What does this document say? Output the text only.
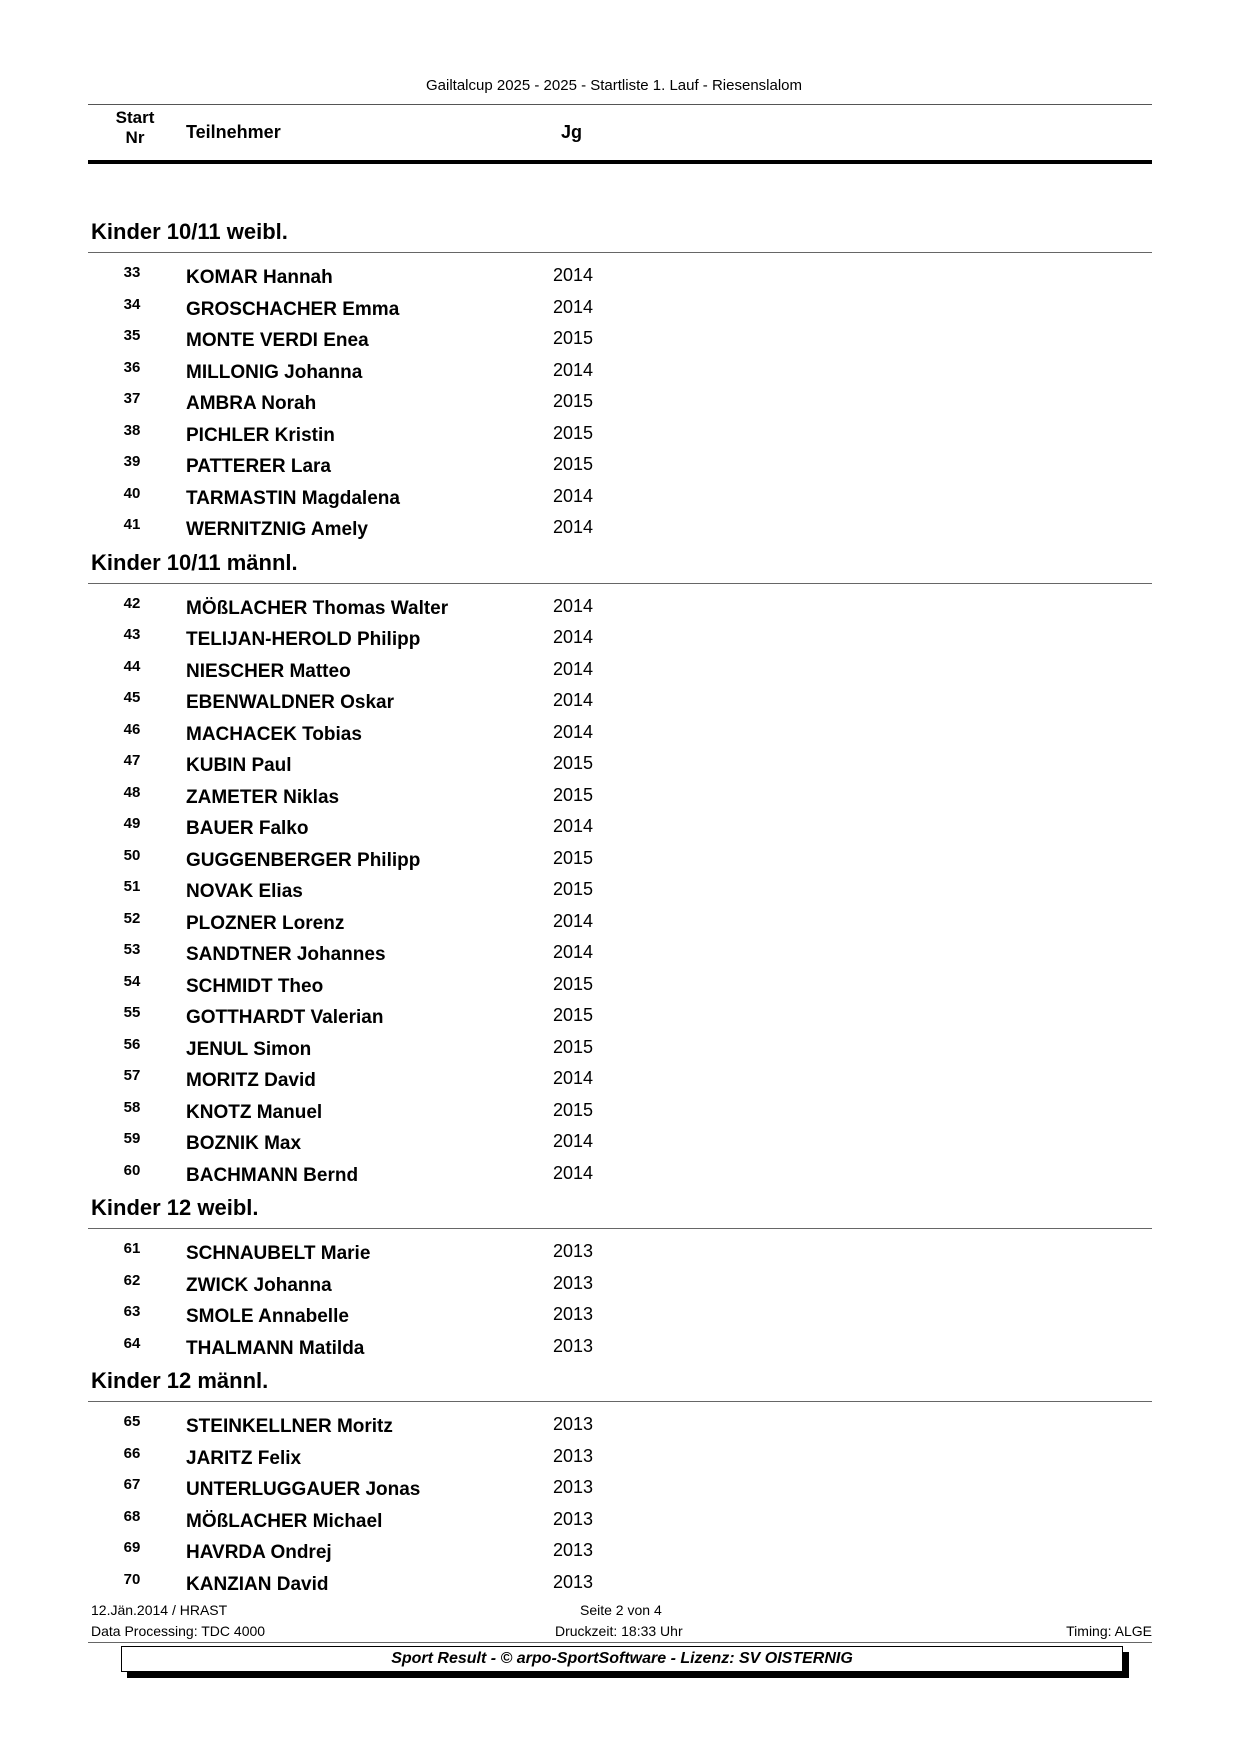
Gailtalcup 2025 - 2025 - Startliste 1. Lauf - Riesenslalom
Start
Nr	Teilnehmer	Jg
Kinder 10/11 weibl.
33	KOMAR Hannah	2014
34	GROSCHACHER Emma	2014
35	MONTE VERDI Enea	2015
36	MILLONIG Johanna	2014
37	AMBRA Norah	2015
38	PICHLER Kristin	2015
39	PATTERER Lara	2015
40	TARMASTIN Magdalena	2014
41	WERNITZNIG Amely	2014
Kinder 10/11 männl.
42	MÖßLACHER Thomas Walter	2014
43	TELIJAN-HEROLD Philipp	2014
44	NIESCHER Matteo	2014
45	EBENWALDNER Oskar	2014
46	MACHACEK Tobias	2014
47	KUBIN Paul	2015
48	ZAMETER Niklas	2015
49	BAUER Falko	2014
50	GUGGENBERGER Philipp	2015
51	NOVAK Elias	2015
52	PLOZNER Lorenz	2014
53	SANDTNER Johannes	2014
54	SCHMIDT Theo	2015
55	GOTTHARDT Valerian	2015
56	JENUL Simon	2015
57	MORITZ David	2014
58	KNOTZ Manuel	2015
59	BOZNIK Max	2014
60	BACHMANN Bernd	2014
Kinder 12 weibl.
61	SCHNAUBELT Marie	2013
62	ZWICK Johanna	2013
63	SMOLE Annabelle	2013
64	THALMANN Matilda	2013
Kinder 12 männl.
65	STEINKELLNER Moritz	2013
66	JARITZ Felix	2013
67	UNTERLUGGAUER Jonas	2013
68	MÖßLACHER Michael	2013
69	HAVRDA Ondrej	2013
70	KANZIAN David	2013
12.Jän.2014 / HRAST	Seite 2 von 4
Data Processing: TDC 4000	Druckzeit: 18:33 Uhr	Timing: ALGE
Sport Result - © arpo-SportSoftware - Lizenz: SV OISTERNIG
